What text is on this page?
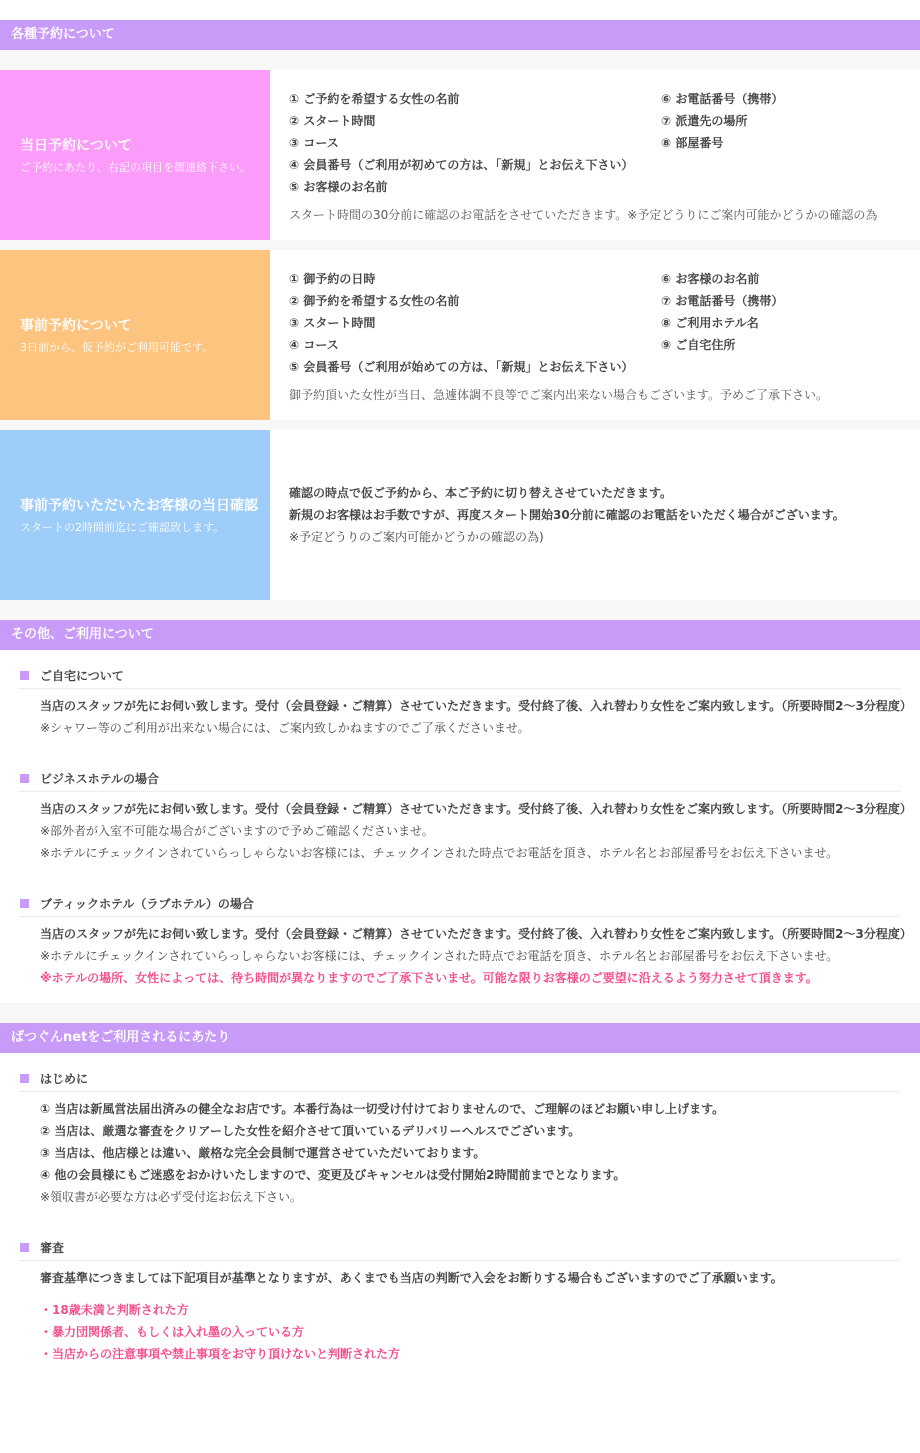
各種予約について
当日予約について
ご予約にあたり、右記の項目を御連絡下さい。
① ご予約を希望する女性の名前
② スタート時間
③ コース
④ 会員番号（ご利用が初めての方は、「新規」とお伝え下さい）
⑤ お客様のお名前
⑥ お電話番号（携帯）
⑦ 派遣先の場所
⑧ 部屋番号
スタート時間の30分前に確認のお電話をさせていただきます。※予定どうりにご案内可能かどうかの確認の為
事前予約について
3日前から、仮予約がご利用可能です。
① 御予約の日時
② 御予約を希望する女性の名前
③ スタート時間
④ コース
⑤ 会員番号（ご利用が始めての方は、「新規」とお伝え下さい）
⑥ お客様のお名前
⑦ お電話番号（携帯）
⑧ ご利用ホテル名
⑨ ご自宅住所
御予約頂いた女性が当日、急遽体調不良等でご案内出来ない場合もございます。予めご了承下さい。
事前予約いただいたお客様の当日確認
スタートの2時間前迄にご確認致します。
確認の時点で仮ご予約から、本ご予約に切り替えさせていただきます。
新規のお客様はお手数ですが、再度スタート開始30分前に確認のお電話をいただく場合がございます。
※予定どうりのご案内可能かどうかの確認の為)
その他、ご利用について
ご自宅について
当店のスタッフが先にお伺い致します。受付（会員登録・ご精算）させていただきます。受付終了後、入れ替わり女性をご案内致します。（所要時間2～3分程度）
※シャワー等のご利用が出来ない場合には、ご案内致しかねますのでご了承くださいませ。
ビジネスホテルの場合
当店のスタッフが先にお伺い致します。受付（会員登録・ご精算）させていただきます。受付終了後、入れ替わり女性をご案内致します。（所要時間2～3分程度）
※部外者が入室不可能な場合がございますので予めご確認くださいませ。
※ホテルにチェックインされていらっしゃらないお客様には、チェックインされた時点でお電話を頂き、ホテル名とお部屋番号をお伝え下さいませ。
ブティックホテル（ラブホテル）の場合
当店のスタッフが先にお伺い致します。受付（会員登録・ご精算）させていただきます。受付終了後、入れ替わり女性をご案内致します。（所要時間2～3分程度）
※ホテルにチェックインされていらっしゃらないお客様には、チェックインされた時点でお電話を頂き、ホテル名とお部屋番号をお伝え下さいませ。
※ホテルの場所、女性によっては、待ち時間が異なりますのでご了承下さいませ。可能な限りお客様のご要望に沿えるよう努力させて頂きます。
ばつぐんnetをご利用されるにあたり
はじめに
① 当店は新風営法届出済みの健全なお店です。本番行為は一切受け付けておりませんので、ご理解のほどお願い申し上げます。
② 当店は、厳選な審査をクリアーした女性を紹介させて頂いているデリバリーヘルスでございます。
③ 当店は、他店様とは違い、厳格な完全会員制で運営させていただいております。
④ 他の会員様にもご迷惑をおかけいたしますので、変更及びキャンセルは受付開始2時間前までとなります。
※領収書が必要な方は必ず受付迄お伝え下さい。
審査
審査基準につきましては下記項目が基準となりますが、あくまでも当店の判断で入会をお断りする場合もございますのでご了承願います。
・18歳未満と判断された方
・暴力団関係者、もしくは入れ墨の入っている方
・当店からの注意事項や禁止事項をお守り頂けないと判断された方
